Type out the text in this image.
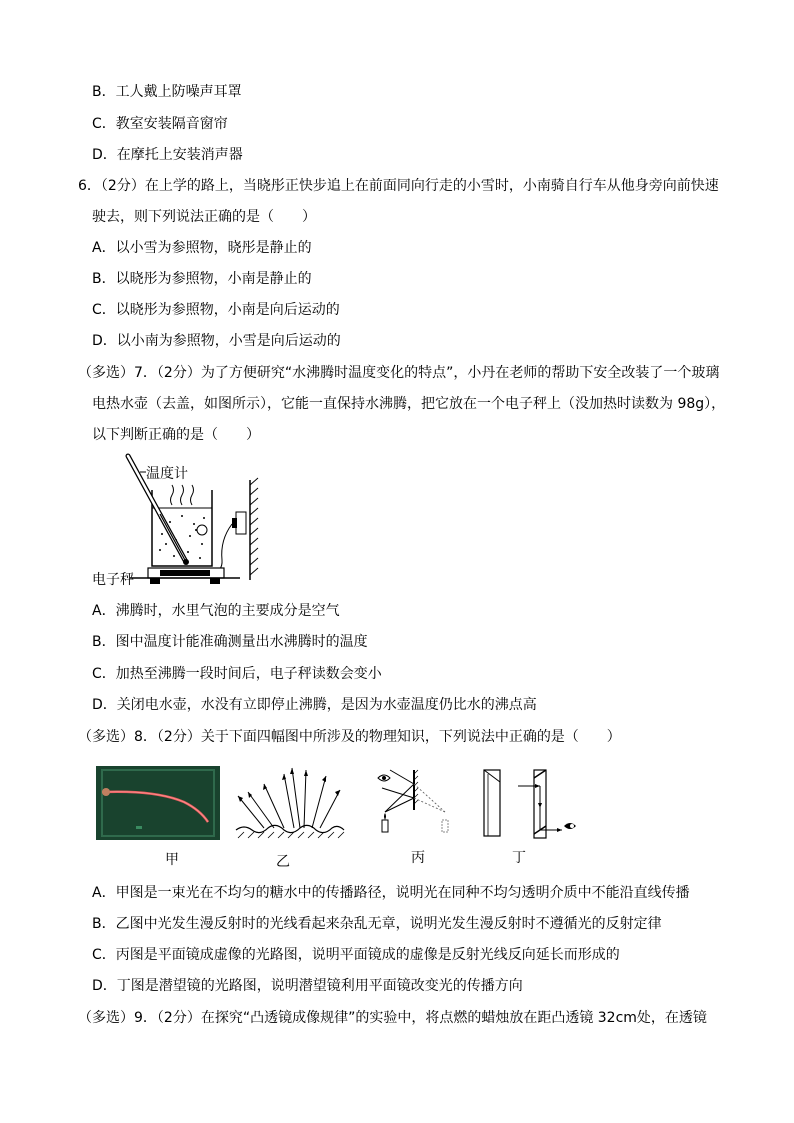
B．工人戴上防噪声耳罩
C．教室安装隔音窗帘
D．在摩托上安装消声器
6．（2分）在上学的路上，当晓彤正快步追上在前面同向行走的小雪时，小南骑自行车从他身旁向前快速
驶去，则下列说法正确的是（　　）
A．以小雪为参照物，晓彤是静止的
B．以晓彤为参照物，小南是静止的
C．以晓彤为参照物，小南是向后运动的
D．以小南为参照物，小雪是向后运动的
（多选）7．（2分）为了方便研究“水沸腾时温度变化的特点”，小丹在老师的帮助下安全改装了一个玻璃
电热水壶（去盖，如图所示），它能一直保持水沸腾，把它放在一个电子秤上（没加热时读数为 98g），
以下判断正确的是（　　）
温度计
电子秤
A．沸腾时，水里气泡的主要成分是空气
B．图中温度计能准确测量出水沸腾时的温度
C．加热至沸腾一段时间后，电子秤读数会变小
D．关闭电水壶，水没有立即停止沸腾，是因为水壶温度仍比水的沸点高
（多选）8．（2分）关于下面四幅图中所涉及的物理知识，下列说法中正确的是（　　）
甲	乙	丙	丁
A．甲图是一束光在不均匀的糖水中的传播路径，说明光在同种不均匀透明介质中不能沿直线传播
B．乙图中光发生漫反射时的光线看起来杂乱无章，说明光发生漫反射时不遵循光的反射定律
C．丙图是平面镜成虚像的光路图，说明平面镜成的虚像是反射光线反向延长而形成的
D．丁图是潜望镜的光路图，说明潜望镜利用平面镜改变光的传播方向
（多选）9．（2分）在探究“凸透镜成像规律”的实验中，将点燃的蜡烛放在距凸透镜 32cm处，在透镜
